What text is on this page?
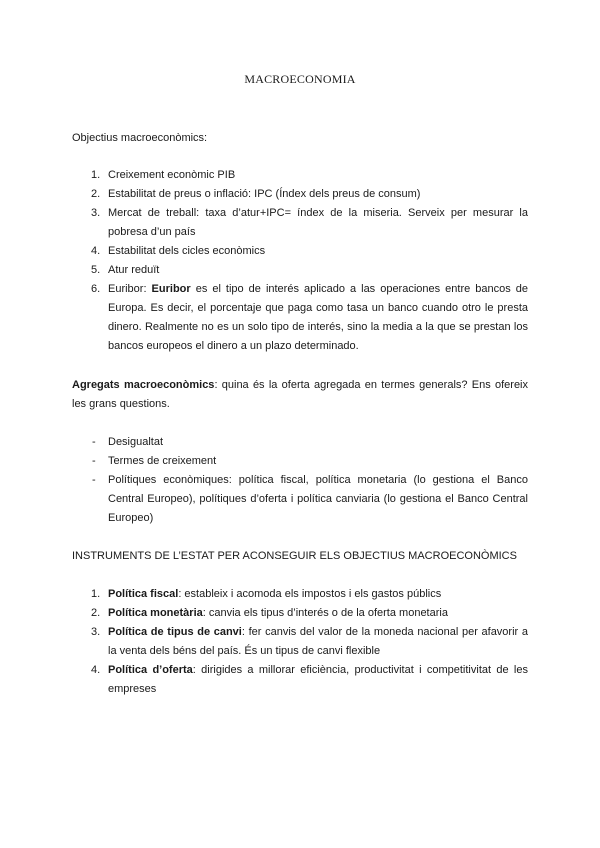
MACROECONOMIA
Objectius macroeconòmics:
1. Creixement econòmic PIB
2. Estabilitat de preus o inflació: IPC (Índex dels preus de consum)
3. Mercat de treball: taxa d’atur+IPC= índex de la miseria. Serveix per mesurar la pobresa d’un país
4. Estabilitat dels cicles econòmics
5. Atur reduït
6. Euribor: Euribor es el tipo de interés aplicado a las operaciones entre bancos de Europa. Es decir, el porcentaje que paga como tasa un banco cuando otro le presta dinero. Realmente no es un solo tipo de interés, sino la media a la que se prestan los bancos europeos el dinero a un plazo determinado.
Agregats macroeconòmics: quina és la oferta agregada en termes generals? Ens ofereix les grans questions.
- Desigualtat
- Termes de creixement
- Polítiques econòmiques: política fiscal, política monetaria (lo gestiona el Banco Central Europeo), polítiques d’oferta i política canviaria (lo gestiona el Banco Central Europeo)
INSTRUMENTS DE L’ESTAT PER ACONSEGUIR ELS OBJECTIUS MACROECONÒMICS
1. Política fiscal: estableix i acomoda els impostos i els gastos públics
2. Política monetària: canvia els tipus d’interés o de la oferta monetaria
3. Política de tipus de canvi: fer canvis del valor de la moneda nacional per afavorir a la venta dels béns del país. És un tipus de canvi flexible
4. Política d’oferta: dirigides a millorar eficiència, productivitat i competitivitat de les empreses
